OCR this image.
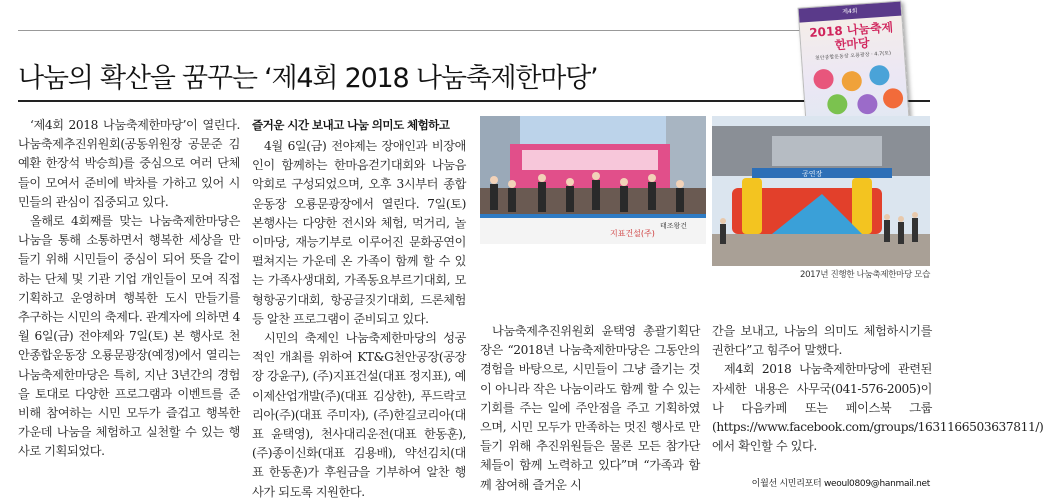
나눔의 확산을 꿈꾸는 ‘제4회 2018 나눔축제한마당’
제4회
2018 나눔축제한마당
천안종합운동장 오룡광장 · 4.7(토)

‘제4회 2018 나눔축제한마당’이 열린다. 나눔축제추진위원회(공동위원장 공문준 김예환 한장석 박승희)를 중심으로 여러 단체들이 모여서 준비에 박차를 가하고 있어 시민들의 관심이 집중되고 있다.

올해로 4회째를 맞는 나눔축제한마당은 나눔을 통해 소통하면서 행복한 세상을 만들기 위해 시민들이 중심이 되어 뜻을 같이하는 단체 및 기관 기업 개인들이 모여 직접 기획하고 운영하며 행복한 도시 만들기를 추구하는 시민의 축제다. 관계자에 의하면 4월 6일(금) 전야제와 7일(토) 본 행사로 천안종합운동장 오룡문광장(예정)에서 열리는 나눔축제한마당은 특히, 지난 3년간의 경험을 토대로 다양한 프로그램과 이벤트를 준비해 참여하는 시민 모두가 즐겁고 행복한 가운데 나눔을 체험하고 실천할 수 있는 행사로 기획되었다.

즐거운 시간 보내고 나눔 의미도 체험하고

4월 6일(금) 전야제는 장애인과 비장애인이 함께하는 한마음걷기대회와 나눔음악회로 구성되었으며, 오후 3시부터 종합운동장 오룡문광장에서 열린다. 7일(토) 본행사는 다양한 전시와 체험, 먹거리, 놀이마당, 재능기부로 이루어진 문화공연이 펼쳐지는 가운데 온 가족이 함께 할 수 있는 가족사생대회, 가족동요부르기대회, 모형항공기대회, 항공글짓기대회, 드론체험 등 알찬 프로그램이 준비되고 있다.

시민의 축제인 나눔축제한마당의 성공적인 개최를 위하여 KT&G천안공장(공장장 강윤구), (주)지표건설(대표 정지표), 예이제산업개발(주)(대표 김상한), 푸드락코리아(주)(대표 주미자), (주)한길코리아(대표 윤택영), 천사대리운전(대표 한동훈), (주)종이신화(대표 김용배), 약선김치(대표 한동훈)가 후원금을 기부하여 알찬 행사가 되도록 지원한다.

지표건설(주)
태조왕건
공연장
2017년 진행한 나눔축제한마당 모습

나눔축제추진위원회 윤택영 총괄기획단장은 “2018년 나눔축제한마당은 그동안의 경험을 바탕으로, 시민들이 그냥 즐기는 것이 아니라 작은 나눔이라도 함께 할 수 있는 기회를 주는 일에 주안점을 주고 기획하였으며, 시민 모두가 만족하는 멋진 행사로 만들기 위해 추진위원들은 물론 모든 참가단체들이 함께 노력하고 있다”며 “가족과 함께 참여해 즐거운 시

간을 보내고, 나눔의 의미도 체험하시기를 권한다”고 힘주어 말했다.

제4회 2018 나눔축제한마당에 관련된 자세한 내용은 사무국(041-576-2005)이나 다음카페 또는 페이스북 그룹(https://www.facebook.com/groups/1631166503637811/)에서 확인할 수 있다.

이월선 시민리포터 weoul0809@hanmail.net
